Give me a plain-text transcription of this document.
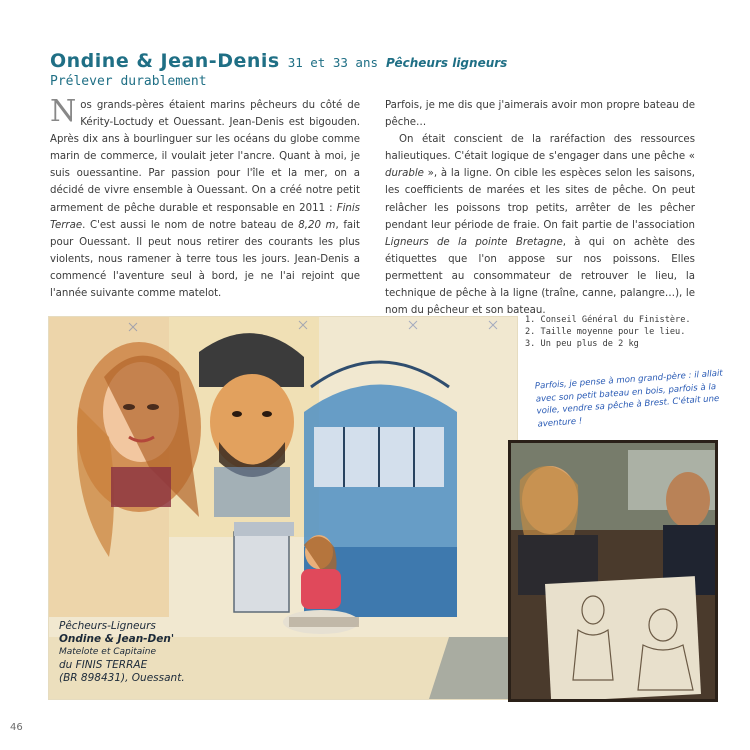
Ondine & Jean-Denis 31 et 33 ans Pêcheurs ligneurs
Prélever durablement

Nos grands-pères étaient marins pêcheurs du côté de Kérity-Loctudy et Ouessant. Jean-Denis est bigouden. Après dix ans à bourlinguer sur les océans du globe comme marin de commerce, il voulait jeter l'ancre. Quant à moi, je suis ouessantine. Par passion pour l'île et la mer, on a décidé de vivre ensemble à Ouessant. On a créé notre petit armement de pêche durable et responsable en 2011 : Finis Terrae. C'est aussi le nom de notre bateau de 8,20 m, fait pour Ouessant. Il peut nous retirer des courants les plus violents, nous ramener à terre tous les jours. Jean-Denis a commencé l'aventure seul à bord, je ne l'ai rejoint que l'année suivante comme matelot.

Parfois, je me dis que j'aimerais avoir mon propre bateau de pêche…

On était conscient de la raréfaction des ressources halieutiques. C'était logique de s'engager dans une pêche « durable », à la ligne. On cible les espèces selon les saisons, les coefficients de marées et les sites de pêche. On peut relâcher les poissons trop petits, arrêter de les pêcher pendant leur période de fraie. On fait partie de l'association Ligneurs de la pointe Bretagne, à qui on achète des étiquettes que l'on appose sur nos poissons. Elles permettent au consommateur de retrouver le lieu, la technique de pêche à la ligne (traîne, canne, palangre…), le nom du pêcheur et son bateau.

Pêcheurs-Ligneurs
Ondine & Jean-Den'
Matelote et Capitaine
du FINIS TERRAE
(BR 898431), Ouessant.
1. Conseil Général du Finistère.
2. Taille moyenne pour le lieu.
3. Un peu plus de 2 kg
Parfois, je pense à mon grand-père : il allait avec son petit bateau en bois, parfois à la voile, vendre sa pêche à Brest. C'était une aventure !
46
